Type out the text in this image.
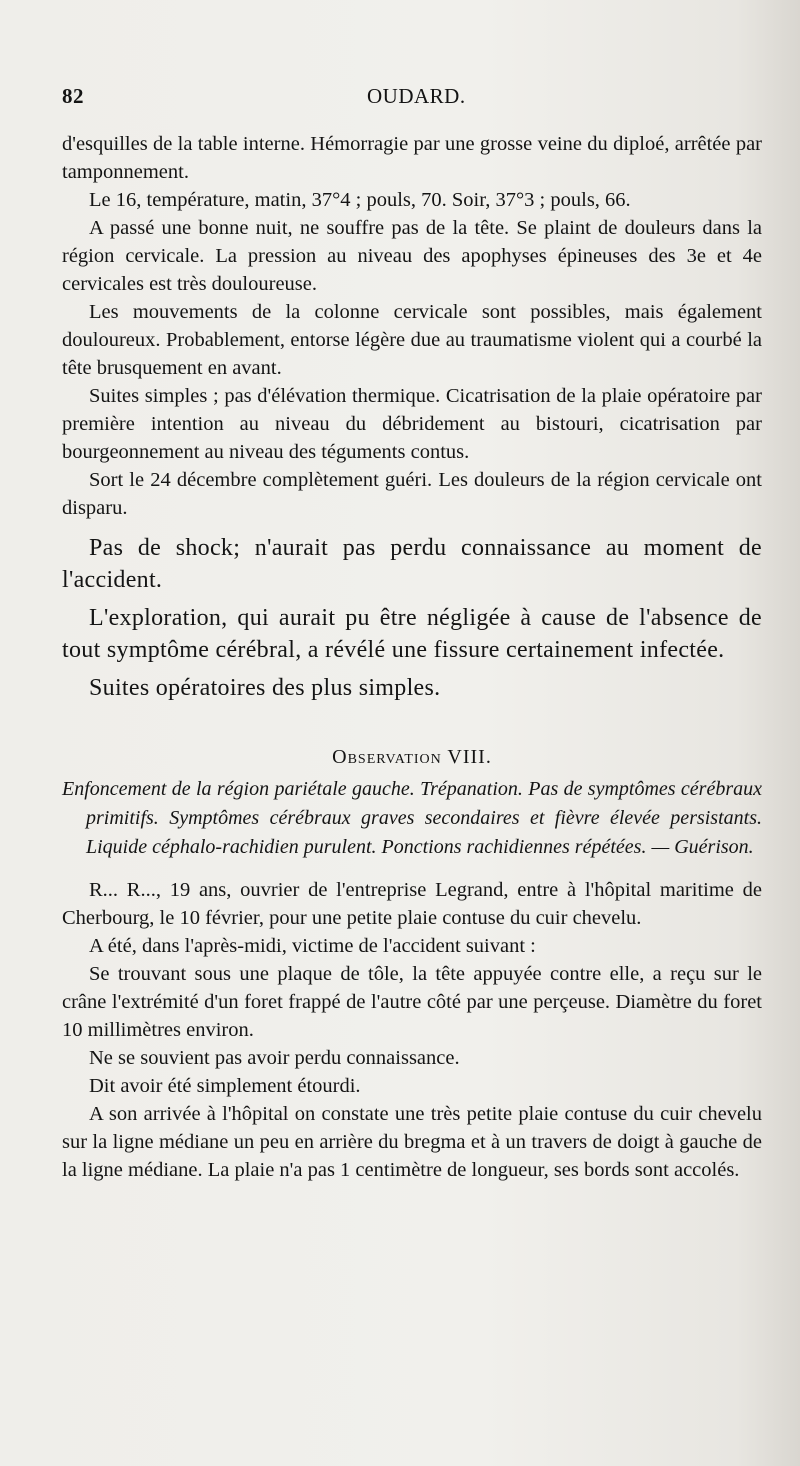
82	OUDARD.

d'esquilles de la table interne. Hémorragie par une grosse veine du diploé, arrêtée par tamponnement.

Le 16, température, matin, 37°4 ; pouls, 70. Soir, 37°3 ; pouls, 66.

A passé une bonne nuit, ne souffre pas de la tête. Se plaint de douleurs dans la région cervicale. La pression au niveau des apophyses épineuses des 3e et 4e cervicales est très douloureuse.

Les mouvements de la colonne cervicale sont possibles, mais également douloureux. Probablement, entorse légère due au traumatisme violent qui a courbé la tête brusquement en avant.

Suites simples ; pas d'élévation thermique. Cicatrisation de la plaie opératoire par première intention au niveau du débridement au bistouri, cicatrisation par bourgeonnement au niveau des téguments contus.

Sort le 24 décembre complètement guéri. Les douleurs de la région cervicale ont disparu.

Pas de shock; n'aurait pas perdu connaissance au moment de l'accident.

L'exploration, qui aurait pu être négligée à cause de l'absence de tout symptôme cérébral, a révélé une fissure certainement infectée.

Suites opératoires des plus simples.

Observation VIII.

Enfoncement de la région pariétale gauche. Trépanation. Pas de symptômes cérébraux primitifs. Symptômes cérébraux graves secondaires et fièvre élevée persistants. Liquide céphalo-rachidien purulent. Ponctions rachidiennes répétées. — Guérison.

R... R..., 19 ans, ouvrier de l'entreprise Legrand, entre à l'hôpital maritime de Cherbourg, le 10 février, pour une petite plaie contuse du cuir chevelu.

A été, dans l'après-midi, victime de l'accident suivant :

Se trouvant sous une plaque de tôle, la tête appuyée contre elle, a reçu sur le crâne l'extrémité d'un foret frappé de l'autre côté par une perçeuse. Diamètre du foret 10 millimètres environ.

Ne se souvient pas avoir perdu connaissance.

Dit avoir été simplement étourdi.

A son arrivée à l'hôpital on constate une très petite plaie contuse du cuir chevelu sur la ligne médiane un peu en arrière du bregma et à un travers de doigt à gauche de la ligne médiane. La plaie n'a pas 1 centimètre de longueur, ses bords sont accolés.
